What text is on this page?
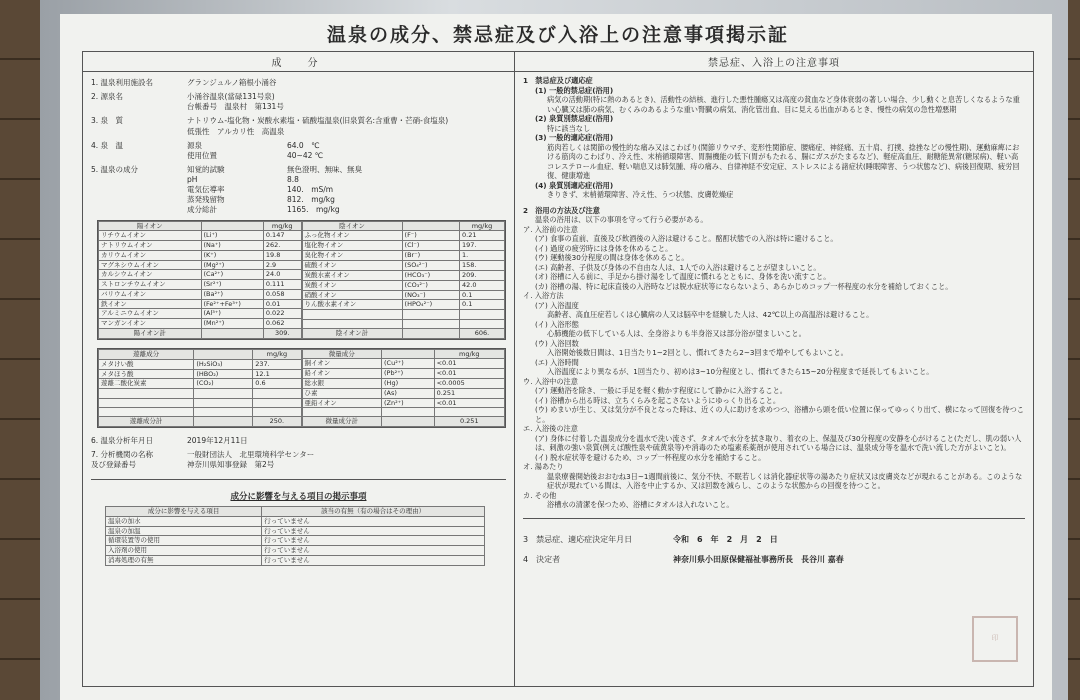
温泉の成分、禁忌症及び入浴上の注意事項掲示証
成　分
1. 温泉利用施設名	グランジュルノ箱根小涌谷
2. 源泉名	小涌谷温泉(當碌131号泉)
台帳番号　温泉村　第131号
3. 泉　質	ナトリウム-塩化物・炭酸水素塩・硫酸塩温泉(旧泉質名:含重曹・芒硝-食塩泉)
低張性　アルカリ性　高温泉
4. 泉　温	源泉	64.0　℃
使用位置	40~42 ℃
5. 温泉の成分	知覚的試験	無色澄明、無味、無臭
pH	8.8
電気伝導率	140.　mS/m
蒸発残留物	812.　mg/kg
成分総計	1165.　mg/kg
陽イオン		mg/kg
リチウムイオン	(Li⁺)	0.147
ナトリウムイオン	(Na⁺)	262.
カリウムイオン	(K⁺)	19.8
マグネシウムイオン	(Mg²⁺)	2.9
カルシウムイオン	(Ca²⁺)	24.0
ストロンチウムイオン	(Sr²⁺)	0.111
バリウムイオン	(Ba²⁺)	0.058
鉄イオン	(Fe²⁺+Fe³⁺)	0.01
アルミニウムイオン	(Al³⁺)	0.022
マンガンイオン	(Mn²⁺)	0.062
陽イオン計		309.
陰イオン		mg/kg
ふっ化物イオン	(F⁻)	0.21
塩化物イオン	(Cl⁻)	197.
臭化物イオン	(Br⁻)	1.
硫酸イオン	(SO₄²⁻)	158.
炭酸水素イオン	(HCO₃⁻)	209.
炭酸イオン	(CO₃²⁻)	42.0
硝酸イオン	(NO₃⁻)	0.1
りん酸水素イオン	(HPO₄²⁻)	0.1

陰イオン計		606.
遊離成分		mg/kg
メタけい酸	(H₂SiO₃)	237.
メタほう酸	(HBO₂)	12.1
遊離二酸化炭素	(CO₂)	0.6

遊離成分計		250.
微量成分		mg/kg
銅イオン	(Cu²⁺)	<0.01
鉛イオン	(Pb²⁺)	<0.01
総水銀	(Hg)	<0.0005
ひ素	(As)	0.251
亜鉛イオン	(Zn²⁺)	<0.01

微量成分計		0.251
6. 温泉分析年月日	2019年12月11日
7. 分析機関の名称
及び登録番号
一般財団法人　北里環境科学センター
神奈川県知事登録　第2号
成分に影響を与える項目の掲示事項
成分に影響を与える項目	該当の有無（有の場合はその理由）
温泉の加水	行っていません
温泉の加温	行っていません
循環装置等の使用	行っていません
入浴剤の使用	行っていません
消毒処理の有無	行っていません
禁忌症、入浴上の注意事項
1　禁忌症及び適応症
(1) 一般的禁忌症(浴用)
病気の活動期(特に熱のあるとき)、活動性の結核、進行した悪性腫瘍又は高度の貧血など身体衰弱の著しい場合、少し動くと息苦しくなるような重い心臓又は肺の病気、むくみのあるような重い腎臓の病気、消化管出血、目に見える出血があるとき、慢性の病気の急性増悪期
(2) 泉質別禁忌症(浴用)
特に該当なし
(3) 一般的適応症(浴用)
筋肉若しくは関節の慢性的な痛み又はこわばり(関節リウマチ、変形性関節症、腰痛症、神経痛、五十肩、打撲、捻挫などの慢性期)、運動麻痺における筋肉のこわばり、冷え性、末梢循環障害、胃腸機能の低下(胃がもたれる、腸にガスがたまるなど)、軽症高血圧、耐糖能異常(糖尿病)、軽い高コレステロール血症、軽い喘息又は肺気腫、痔の痛み、自律神経不安定症、ストレスによる諸症状(睡眠障害、うつ状態など)、病後回復期、疲労回復、健康増進
(4) 泉質別適応症(浴用)
きりきず、末梢循環障害、冷え性、うつ状態、皮膚乾燥症
2　浴用の方法及び注意
温泉の浴用は、以下の事項を守って行う必要がある。
ア. 入浴前の注意
(ア) 食事の直前、直後及び飲酒後の入浴は避けること。酩酊状態での入浴は特に避けること。
(イ) 過度の疲労時には身体を休めること。
(ウ) 運動後30分程度の間は身体を休めること。
(エ) 高齢者、子供及び身体の不自由な人は、1人での入浴は避けることが望ましいこと。
(オ) 浴槽に入る前に、手足から掛け湯をして温度に慣れるとともに、身体を洗い流すこと。
(カ) 浴槽の湯、特に起床直後の入浴時などは脱水症状等にならないよう、あらかじめコップ一杯程度の水分を補給しておくこと。
イ. 入浴方法
(ア) 入浴温度
高齢者、高血圧症若しくは心臓病の人又は脳卒中を経験した人は、42℃以上の高温浴は避けること。
(イ) 入浴形態
心肺機能の低下している人は、全身浴よりも半身浴又は部分浴が望ましいこと。
(ウ) 入浴回数
入浴開始後数日間は、1日当たり1~2回とし、慣れてきたら2~3回まで増やしてもよいこと。
(エ) 入浴時間
入浴温度により異なるが、1回当たり、初めは3~10分程度とし、慣れてきたら15~20分程度まで延長してもよいこと。
ウ. 入浴中の注意
(ア) 運動浴を除き、一般に手足を軽く動かす程度にして静かに入浴すること。
(イ) 浴槽から出る時は、立ちくらみを起こさないようにゆっくり出ること。
(ウ) めまいが生じ、又は気分が不良となった時は、近くの人に助けを求めつつ、浴槽から頭を低い位置に保ってゆっくり出て、横になって回復を待つこと。
エ. 入浴後の注意
(ア) 身体に付着した温泉成分を温水で洗い流さず、タオルで水分を拭き取り、着衣の上、保温及び30分程度の安静を心がけること(ただし、肌の弱い人は、刺激の強い泉質(例えば酸性泉や硫黄泉等)や消毒のため塩素系薬剤が使用されている場合には、温泉成分等を温水で洗い流した方がよいこと)。
(イ) 脱水症状等を避けるため、コップ一杯程度の水分を補給すること。
オ. 湯あたり
温泉療養開始後おおむね3日~1週間前後に、気分不快、不眠若しくは消化器症状等の湯あたり症状又は皮膚炎などが現れることがある。このような症状が現れている間は、入浴を中止するか、又は回数を減らし、このような状態からの回復を待つこと。
カ. その他
浴槽水の清潔を保つため、浴槽にタオルは入れないこと。
3　禁忌症、適応症決定年月日	令和　6　年　2　月　2　日
4　決定者	神奈川県小田原保健福祉事務所長　長谷川 嘉春
印
